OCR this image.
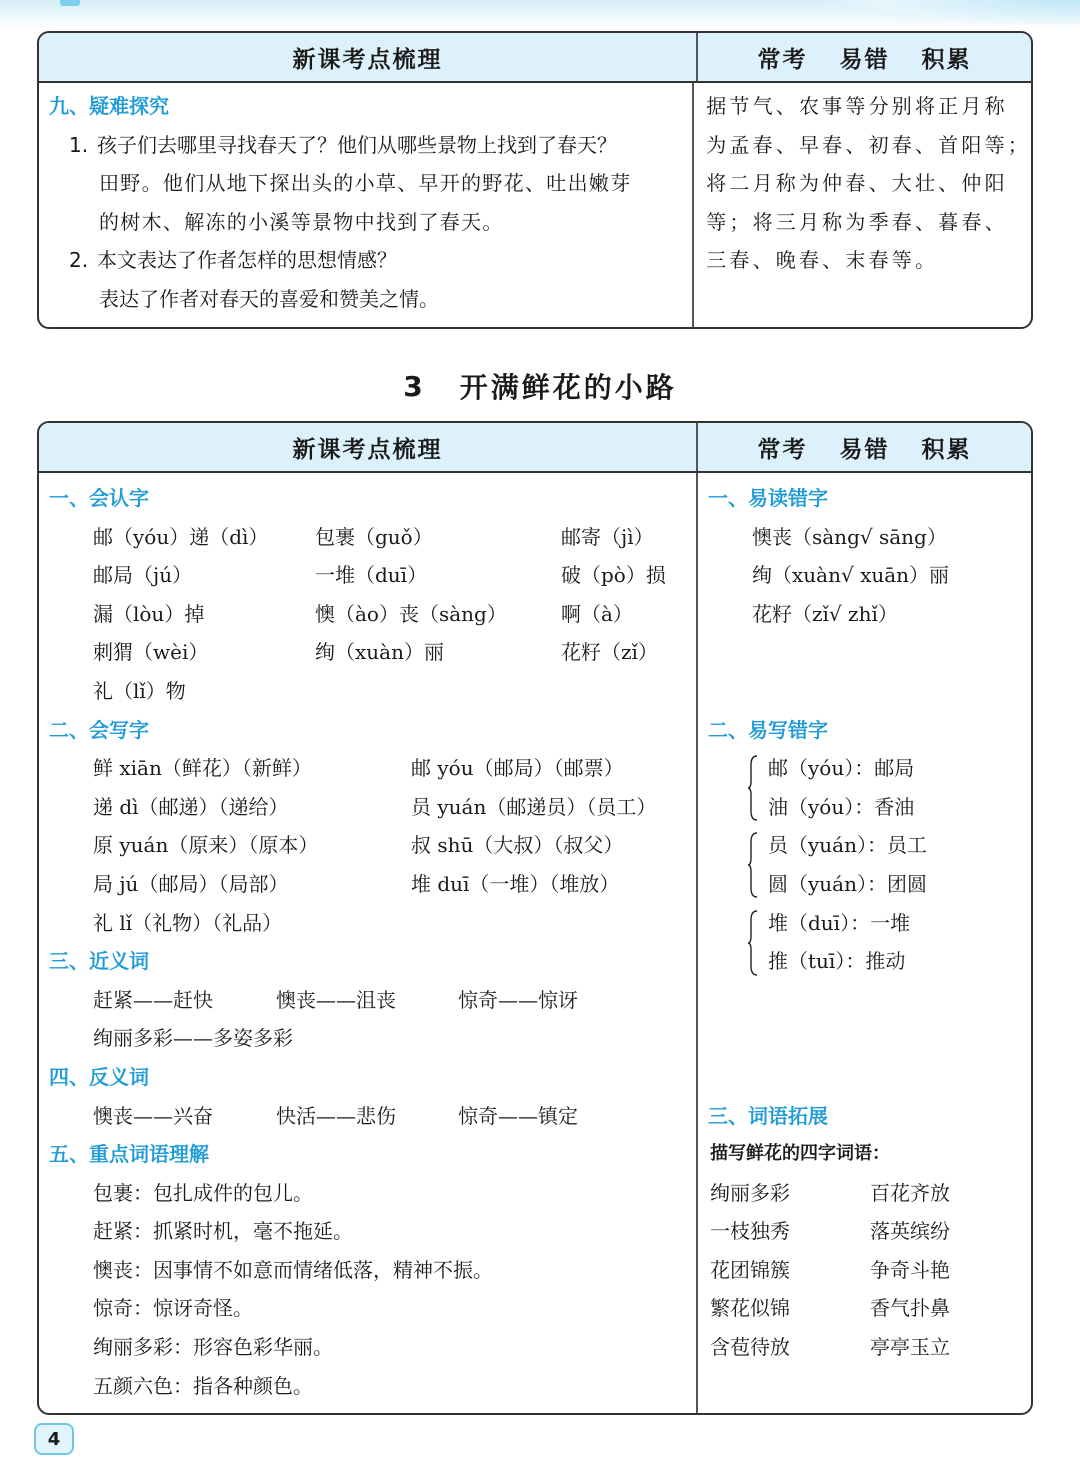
新课考点梳理	常考 易错 积累
九、疑难探究
1. 孩子们去哪里寻找春天了？他们从哪些景物上找到了春天？
田野。他们从地下探出头的小草、早开的野花、吐出嫩芽
的树木、解冻的小溪等景物中找到了春天。
2. 本文表达了作者怎样的思想情感？
表达了作者对春天的喜爱和赞美之情。
据节气、农事等分别将正月称
为孟春、早春、初春、首阳等；
将二月称为仲春、大壮、仲阳
等；将三月称为季春、暮春、
三春、晚春、末春等。
3 开满鲜花的小路
新课考点梳理	常考 易错 积累
一、会认字
邮（yóu）递（dì）	包裹（guǒ）	邮寄（jì）
邮局（jú）	一堆（duī）	破（pò）损
漏（lòu）掉	懊（ào）丧（sàng）	啊（à）
刺猬（wèi）	绚（xuàn）丽	花籽（zǐ）
礼（lǐ）物
二、会写字
鲜 xiān（鲜花）（新鲜）	邮 yóu（邮局）（邮票）
递 dì（邮递）（递给）	员 yuán（邮递员）（员工）
原 yuán（原来）（原本）	叔 shū（大叔）（叔父）
局 jú（邮局）（局部）	堆 duī（一堆）（堆放）
礼 lǐ（礼物）（礼品）
三、近义词
赶紧——赶快	懊丧——沮丧	惊奇——惊讶
绚丽多彩——多姿多彩
四、反义词
懊丧——兴奋	快活——悲伤	惊奇——镇定
五、重点词语理解
包裹：包扎成件的包儿。
赶紧：抓紧时机，毫不拖延。
懊丧：因事情不如意而情绪低落，精神不振。
惊奇：惊讶奇怪。
绚丽多彩：形容色彩华丽。
五颜六色：指各种颜色。
一、易读错字
懊丧（sàng√ sāng）
绚（xuàn√ xuān）丽
花籽（zǐ√ zhǐ）
二、易写错字
邮（yóu）：邮局
油（yóu）：香油
员（yuán）：员工
圆（yuán）：团圆
堆（duī）：一堆
推（tuī）：推动
三、词语拓展
描写鲜花的四字词语：
绚丽多彩	百花齐放
一枝独秀	落英缤纷
花团锦簇	争奇斗艳
繁花似锦	香气扑鼻
含苞待放	亭亭玉立
4
